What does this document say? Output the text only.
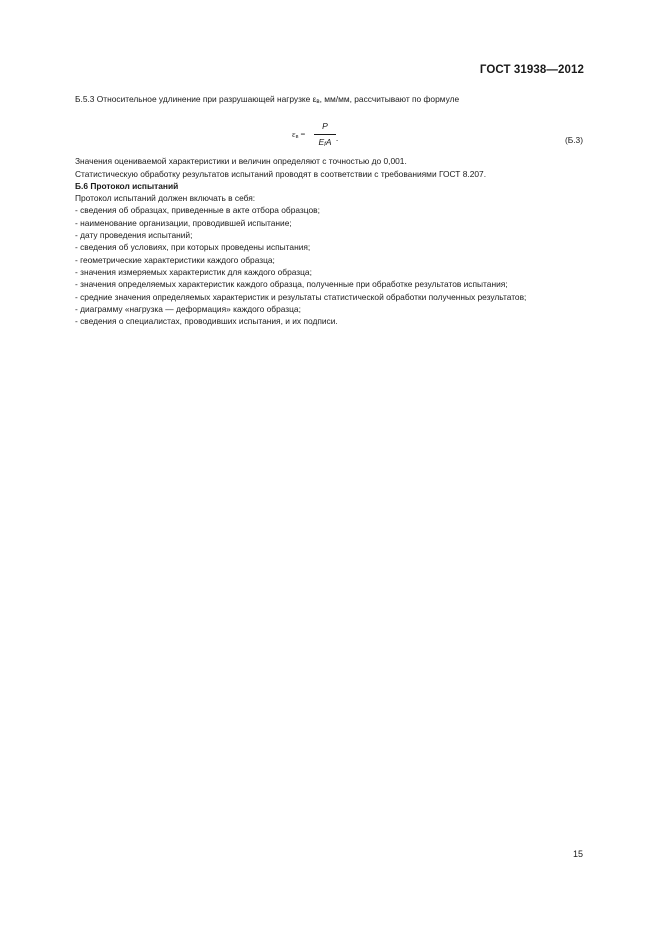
ГОСТ 31938—2012

Б.5.3 Относительное удлинение при разрушающей нагрузке $\varepsilon_в$, мм/мм, рассчитывают по формуле

$\varepsilon_в$ =
P
$E_fA$ .	(Б.3)

Значения оцениваемой характеристики и величин определяют с точностью до 0,001.

Статистическую обработку результатов испытаний проводят в соответствии с требованиями ГОСТ 8.207.

Б.6 Протокол испытаний

Протокол испытаний должен включать в себя:

- сведения об образцах, приведенные в акте отбора образцов;

- наименование организации, проводившей испытание;

- дату проведения испытаний;

- сведения об условиях, при которых проведены испытания;

- геометрические характеристики каждого образца;

- значения измеряемых характеристик для каждого образца;

- значения определяемых характеристик каждого образца, полученные при обработке результатов испытания;

- средние значения определяемых характеристик и результаты статистической обработки полученных результатов;

- диаграмму «нагрузка — деформация» каждого образца;

- сведения о специалистах, проводивших испытания, и их подписи.

15
